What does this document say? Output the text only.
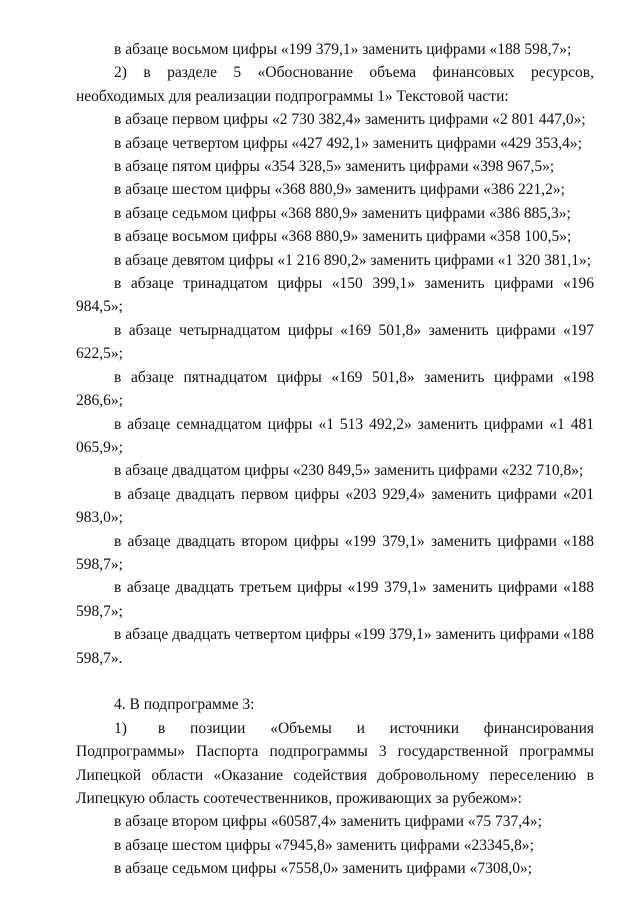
в абзаце восьмом цифры «199 379,1» заменить цифрами «188 598,7»;

2) в разделе 5 «Обоснование объема финансовых ресурсов, необходимых для реализации подпрограммы 1» Текстовой части:

в абзаце первом цифры «2 730 382,4» заменить цифрами «2 801 447,0»;

в абзаце четвертом цифры «427 492,1» заменить цифрами «429 353,4»;

в абзаце пятом цифры «354 328,5» заменить цифрами «398 967,5»;

в абзаце шестом цифры «368 880,9» заменить цифрами «386 221,2»;

в абзаце седьмом цифры «368 880,9» заменить цифрами «386 885,3»;

в абзаце восьмом цифры «368 880,9» заменить цифрами «358 100,5»;

в абзаце девятом цифры «1 216 890,2» заменить цифрами «1 320 381,1»;

в абзаце тринадцатом цифры «150 399,1» заменить цифрами «196 984,5»;

в абзаце четырнадцатом цифры «169 501,8» заменить цифрами «197 622,5»;

в абзаце пятнадцатом цифры «169 501,8» заменить цифрами «198 286,6»;

в абзаце семнадцатом цифры «1 513 492,2» заменить цифрами «1 481 065,9»;

в абзаце двадцатом цифры «230 849,5» заменить цифрами «232 710,8»;

в абзаце двадцать первом цифры «203 929,4» заменить цифрами «201 983,0»;

в абзаце двадцать втором цифры «199 379,1» заменить цифрами «188 598,7»;

в абзаце двадцать третьем цифры «199 379,1» заменить цифрами «188 598,7»;

в абзаце двадцать четвертом цифры «199 379,1» заменить цифрами «188 598,7».

4. В подпрограмме 3:

1)  в позиции «Объемы и источники финансирования Подпрограммы» Паспорта подпрограммы 3 государственной программы Липецкой области «Оказание содействия добровольному переселению в Липецкую область соотечественников, проживающих за рубежом»:

в абзаце втором цифры «60587,4» заменить цифрами «75 737,4»;

в абзаце шестом цифры «7945,8» заменить цифрами «23345,8»;

в абзаце седьмом цифры «7558,0» заменить цифрами «7308,0»;
